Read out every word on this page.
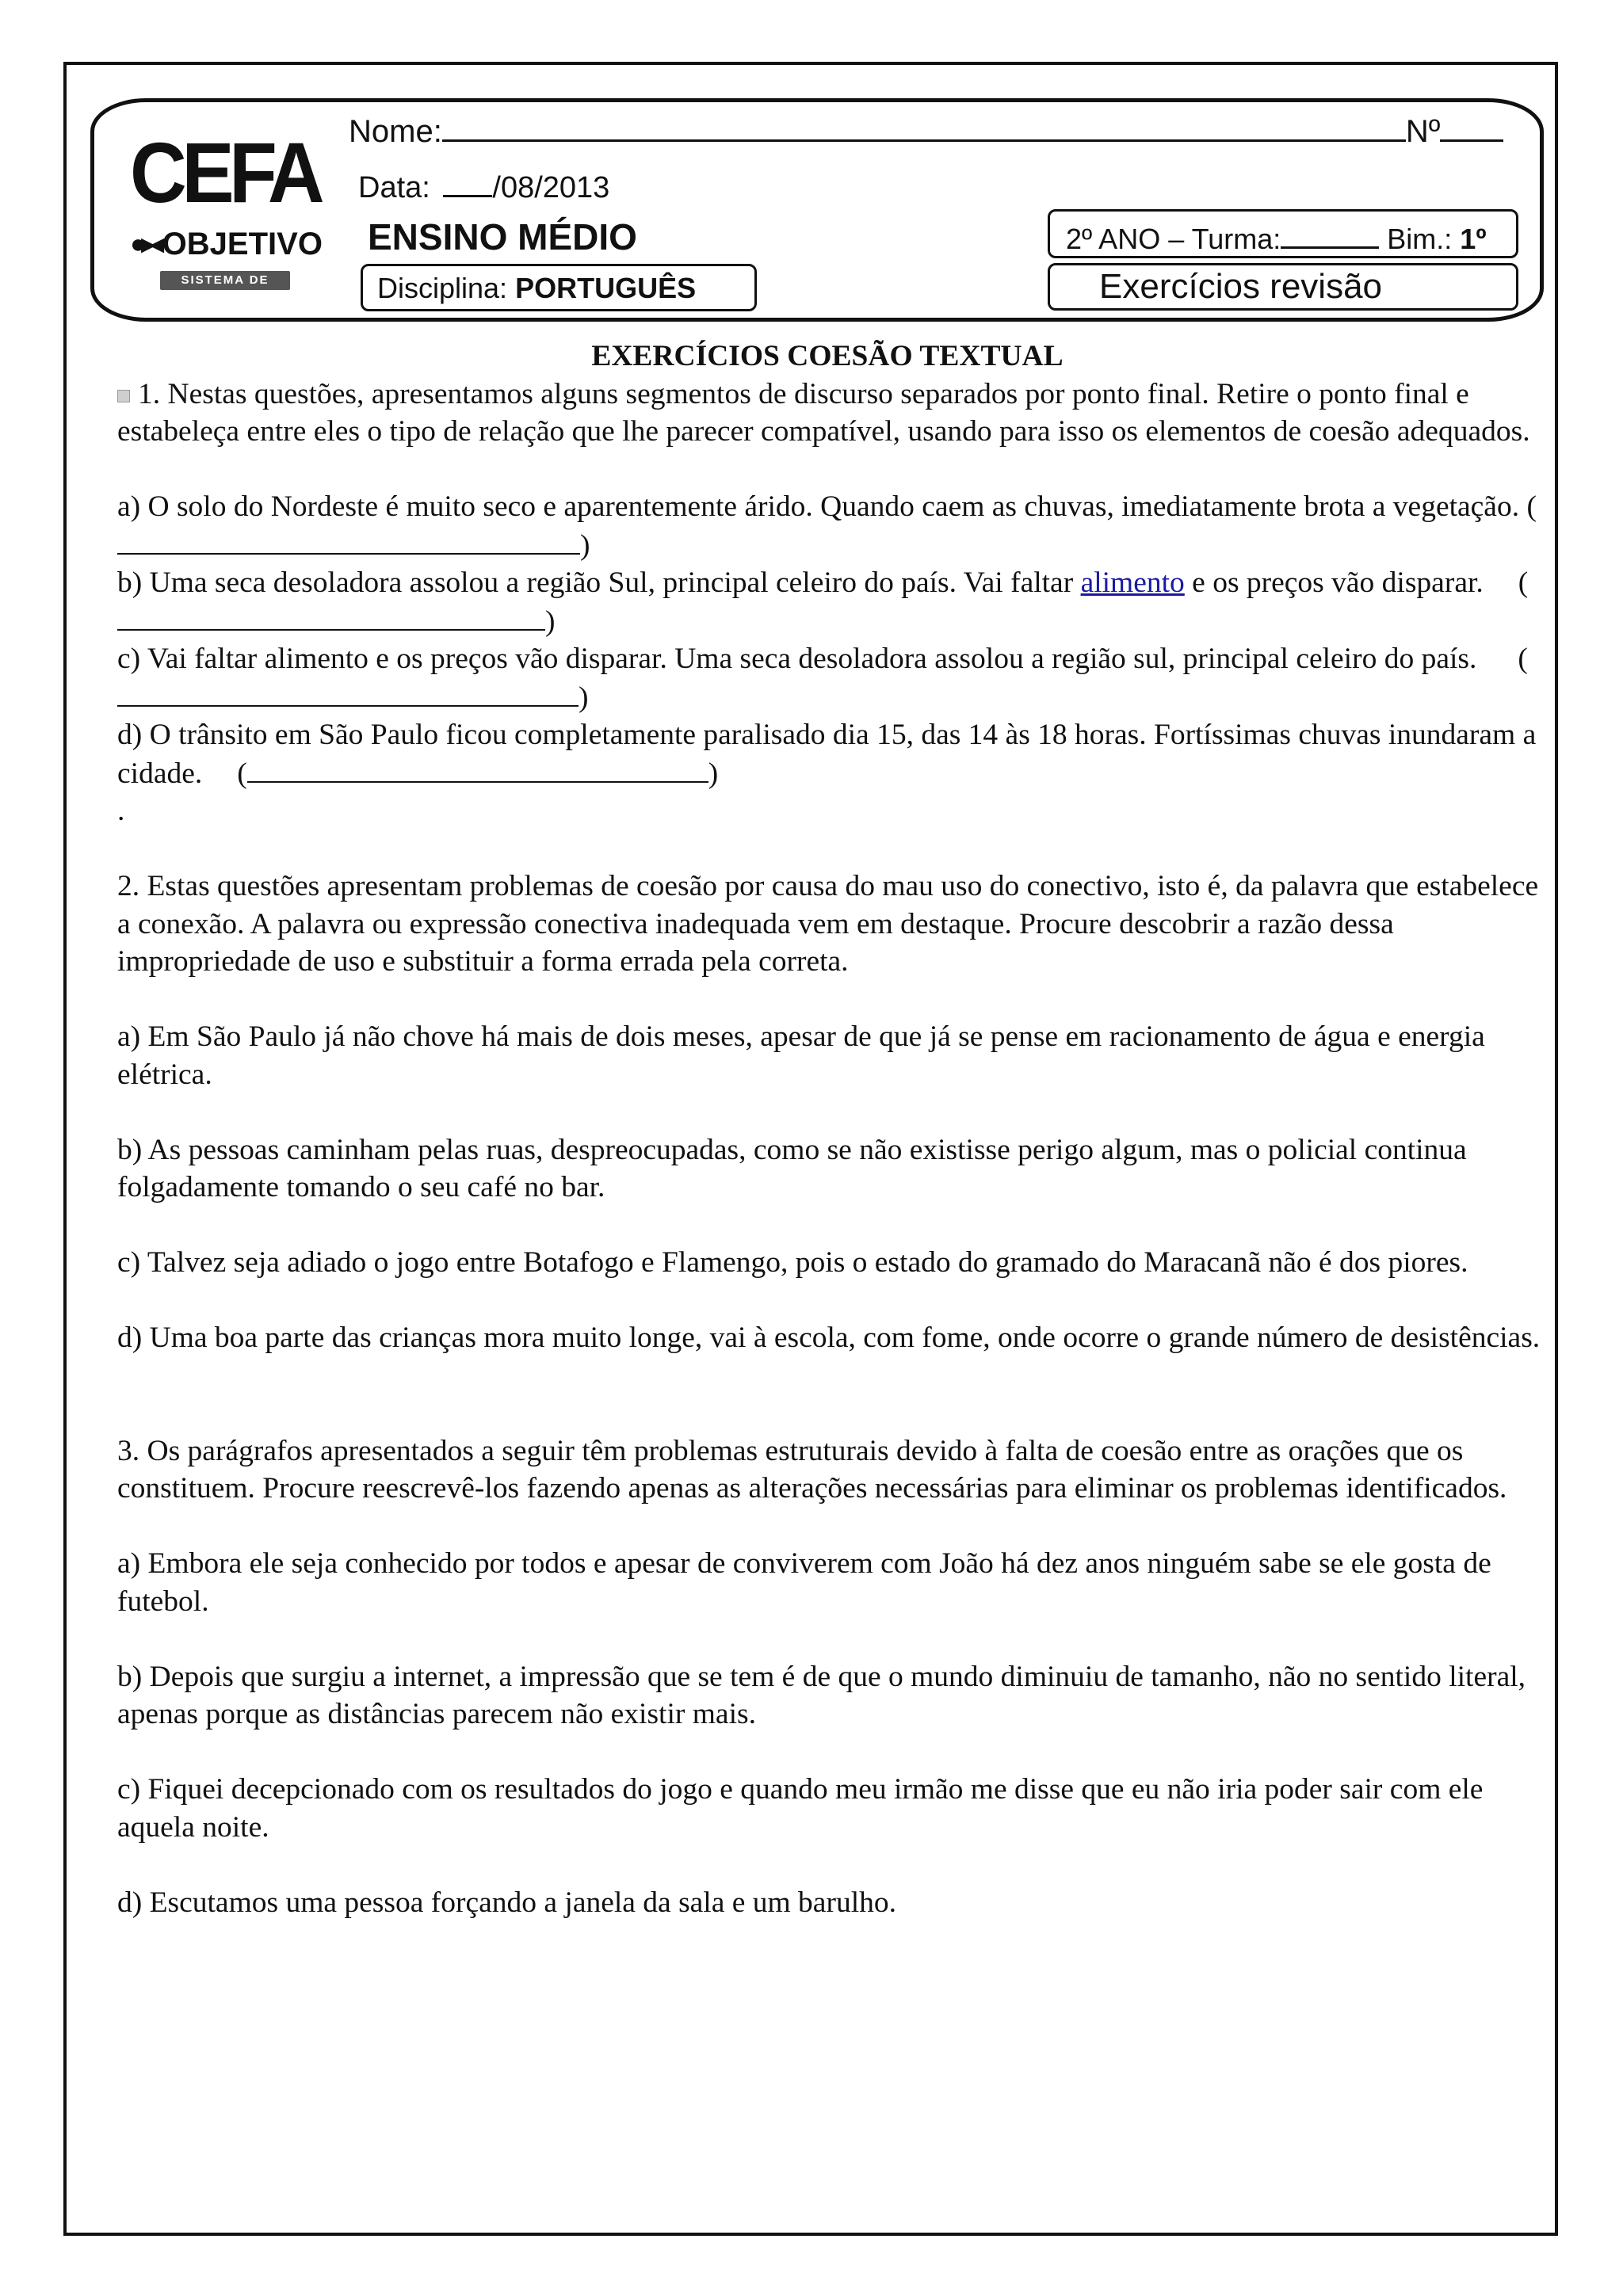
CEFA
●▸◂ OBJETIVO
SISTEMA DE ENSINO
Nome:	Nº
Data: /08/2013
ENSINO MÉDIO
Disciplina: PORTUGUÊS
2º ANO – Turma:	Bim.: 1º
Exercícios revisão

EXERCÍCIOS COESÃO TEXTUAL

1. Nestas questões, apresentamos alguns segmentos de discurso separados por ponto final. Retire o ponto final e estabeleça entre eles o tipo de relação que lhe parecer compatível, usando para isso os elementos de coesão adequados.

a) O solo do Nordeste é muito seco e aparentemente árido. Quando caem as chuvas, imediatamente brota a vegetação. ()

b) Uma seca desoladora assolou a região Sul, principal celeiro do país. Vai faltar alimento e os preços vão disparar. ()

c) Vai faltar alimento e os preços vão disparar. Uma seca desoladora assolou a região sul, principal celeiro do país. ()

d) O trânsito em São Paulo ficou completamente paralisado dia 15, das 14 às 18 horas. Fortíssimas chuvas inundaram a cidade. (	)

.

2. Estas questões apresentam problemas de coesão por causa do mau uso do conectivo, isto é, da palavra que estabelece a conexão. A palavra ou expressão conectiva inadequada vem em destaque. Procure descobrir a razão dessa impropriedade de uso e substituir a forma errada pela correta.

a) Em São Paulo já não chove há mais de dois meses, apesar de que já se pense em racionamento de água e energia elétrica.

b) As pessoas caminham pelas ruas, despreocupadas, como se não existisse perigo algum, mas o policial continua folgadamente tomando o seu café no bar.

c) Talvez seja adiado o jogo entre Botafogo e Flamengo, pois o estado do gramado do Maracanã não é dos piores.

d) Uma boa parte das crianças mora muito longe, vai à escola, com fome, onde ocorre o grande número de desistências.

3. Os parágrafos apresentados a seguir têm problemas estruturais devido à falta de coesão entre as orações que os constituem. Procure reescrevê-los fazendo apenas as alterações necessárias para eliminar os problemas identificados.

a) Embora ele seja conhecido por todos e apesar de conviverem com João há dez anos ninguém sabe se ele gosta de futebol.

b) Depois que surgiu a internet, a impressão que se tem é de que o mundo diminuiu de tamanho, não no sentido literal, apenas porque as distâncias parecem não existir mais.

c) Fiquei decepcionado com os resultados do jogo e quando meu irmão me disse que eu não iria poder sair com ele aquela noite.

d) Escutamos uma pessoa forçando a janela da sala e um barulho.
